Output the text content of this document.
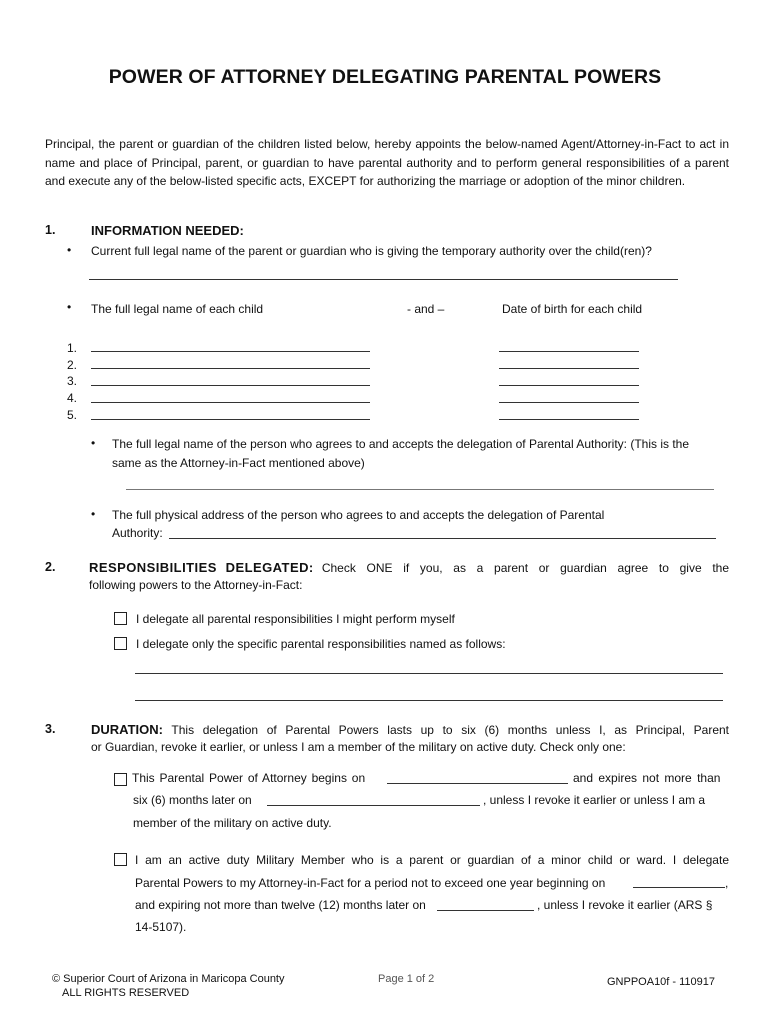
POWER OF ATTORNEY DELEGATING PARENTAL POWERS
Principal, the parent or guardian of the children listed below, hereby appoints the below-named Agent/Attorney-in-Fact to act in name and place of Principal, parent, or guardian to have parental authority and to perform general responsibilities of a parent and execute any of the below-listed specific acts, EXCEPT for authorizing the marriage or adoption of the minor children.
1.	INFORMATION NEEDED:
• Current full legal name of the parent or guardian who is giving the temporary authority over the child(ren)?
• The full legal name of each child	- and –	Date of birth for each child
1.
2.
3.
4.
5.
• The full legal name of the person who agrees to and accepts the delegation of Parental Authority: (This is the
same as the Attorney-in-Fact mentioned above)
• The full physical address of the person who agrees to and accepts the delegation of Parental
Authority:
2.	RESPONSIBILITIES DELEGATED: Check ONE if you, as a parent or guardian agree to give the
following powers to the Attorney-in-Fact:
I delegate all parental responsibilities I might perform myself
I delegate only the specific parental responsibilities named as follows:
3.	DURATION: This delegation of Parental Powers lasts up to six (6) months unless I, as Principal, Parent
or Guardian, revoke it earlier, or unless I am a member of the military on active duty. Check only one:
This Parental Power of Attorney begins on	and expires not more than
six (6) months later on	, unless I revoke it earlier or unless I am a
member of the military on active duty.
I am an active duty Military Member who is a parent or guardian of a minor child or ward. I delegate
Parental Powers to my Attorney-in-Fact for a period not to exceed one year beginning on	,
and expiring not more than twelve (12) months later on	, unless I revoke it earlier (ARS §
14-5107).
© Superior Court of Arizona in Maricopa County
ALL RIGHTS RESERVED
Page 1 of 2	GNPPOA10f - 110917
